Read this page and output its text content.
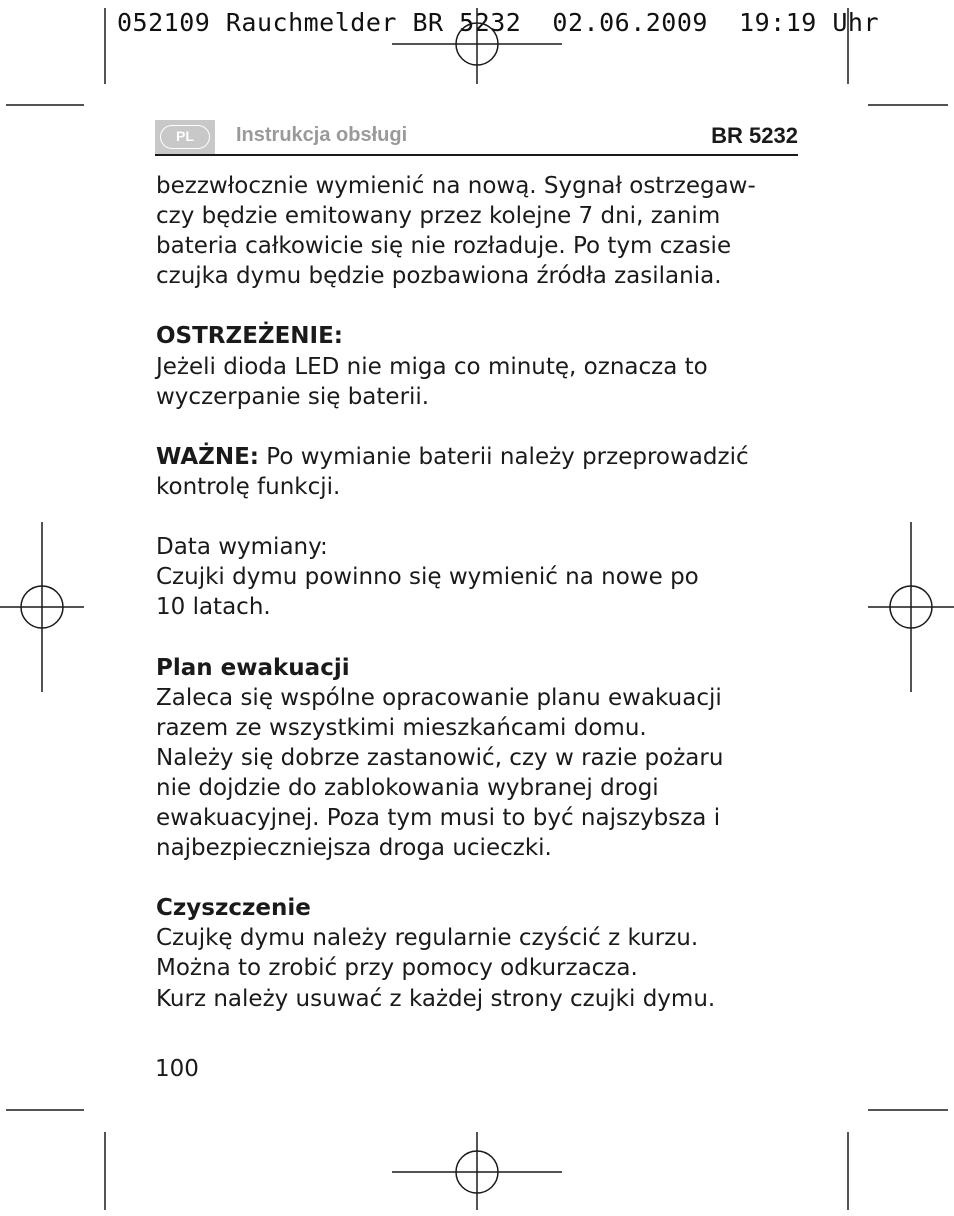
052109 Rauchmelder BR 5232  02.06.2009  19:19 Uhr
PL	Instrukcja obsługi	BR 5232

bezzwłocznie wymienić na nową. Sygnał ostrzegaw-

czy będzie emitowany przez kolejne 7 dni, zanim

bateria całkowicie się nie rozładuje. Po tym czasie

czujka dymu będzie pozbawiona źródła zasilania.

OSTRZEŻENIE:

Jeżeli dioda LED nie miga co minutę, oznacza to

wyczerpanie się baterii.

WAŻNE: Po wymianie baterii należy przeprowadzić

kontrolę funkcji.

Data wymiany:

Czujki dymu powinno się wymienić na nowe po

10 latach.

Plan ewakuacji

Zaleca się wspólne opracowanie planu ewakuacji

razem ze wszystkimi mieszkańcami domu.

Należy się dobrze zastanowić, czy w razie pożaru

nie dojdzie do zablokowania wybranej drogi

ewakuacyjnej. Poza tym musi to być najszybsza i

najbezpieczniejsza droga ucieczki.

Czyszczenie

Czujkę dymu należy regularnie czyścić z kurzu.

Można to zrobić przy pomocy odkurzacza.

Kurz należy usuwać z każdej strony czujki dymu.

100
